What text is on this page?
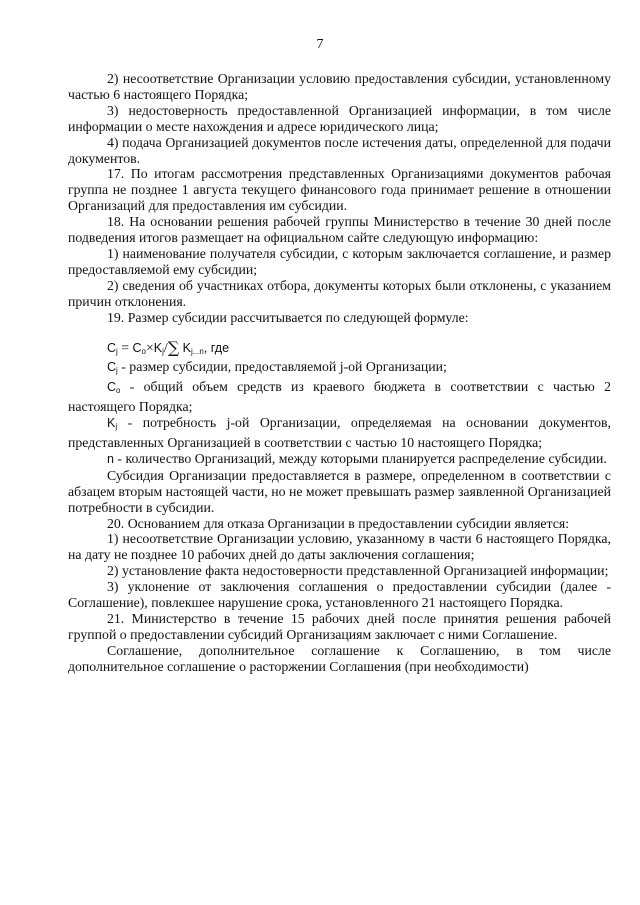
7

2) несоответствие Организации условию предоставления субсидии, установленному частью 6 настоящего Порядка;

3) недостоверность предоставленной Организацией информации, в том числе информации о месте нахождения и адресе юридического лица;

4) подача Организацией документов после истечения даты, определенной для подачи документов.

17. По итогам рассмотрения представленных Организациями документов рабочая группа не позднее 1 августа текущего финансового года принимает решение в отношении Организаций для предоставления им субсидии.

18. На основании решения рабочей группы Министерство в течение 30 дней после подведения итогов размещает на официальном сайте следующую информацию:

1) наименование получателя субсидии, с которым заключается соглашение, и размер предоставляемой ему субсидии;

2) сведения об участниках отбора, документы которых были отклонены, с указанием причин отклонения.

19. Размер субсидии рассчитывается по следующей формуле:

$C_j = C_o\times K_j/\sum$ $K_{j...n}$, где

$C_j$ - размер субсидии, предоставляемой j-ой Организации;

$C_o$ - общий объем средств из краевого бюджета в соответствии с частью 2 настоящего Порядка;

$K_j$ - потребность j-ой Организации, определяемая на основании документов, представленных Организацией в соответствии с частью 10 настоящего Порядка;

n - количество Организаций, между которыми планируется распределение субсидии.

Субсидия Организации предоставляется в размере, определенном в соответствии с абзацем вторым настоящей части, но не может превышать размер заявленной Организацией потребности в субсидии.

20. Основанием для отказа Организации в предоставлении субсидии является:

1) несоответствие Организации условию, указанному в части 6 настоящего Порядка, на дату не позднее 10 рабочих дней до даты заключения соглашения;

2) установление факта недостоверности представленной Организацией информации;

3) уклонение от заключения соглашения о предоставлении субсидии (далее - Соглашение), повлекшее нарушение срока, установленного 21 настоящего Порядка.

21. Министерство в течение 15 рабочих дней после принятия решения рабочей группой о предоставлении субсидий Организациям заключает с ними Соглашение.

Соглашение, дополнительное соглашение к Соглашению, в том числе дополнительное соглашение о расторжении Соглашения (при необходимости)
